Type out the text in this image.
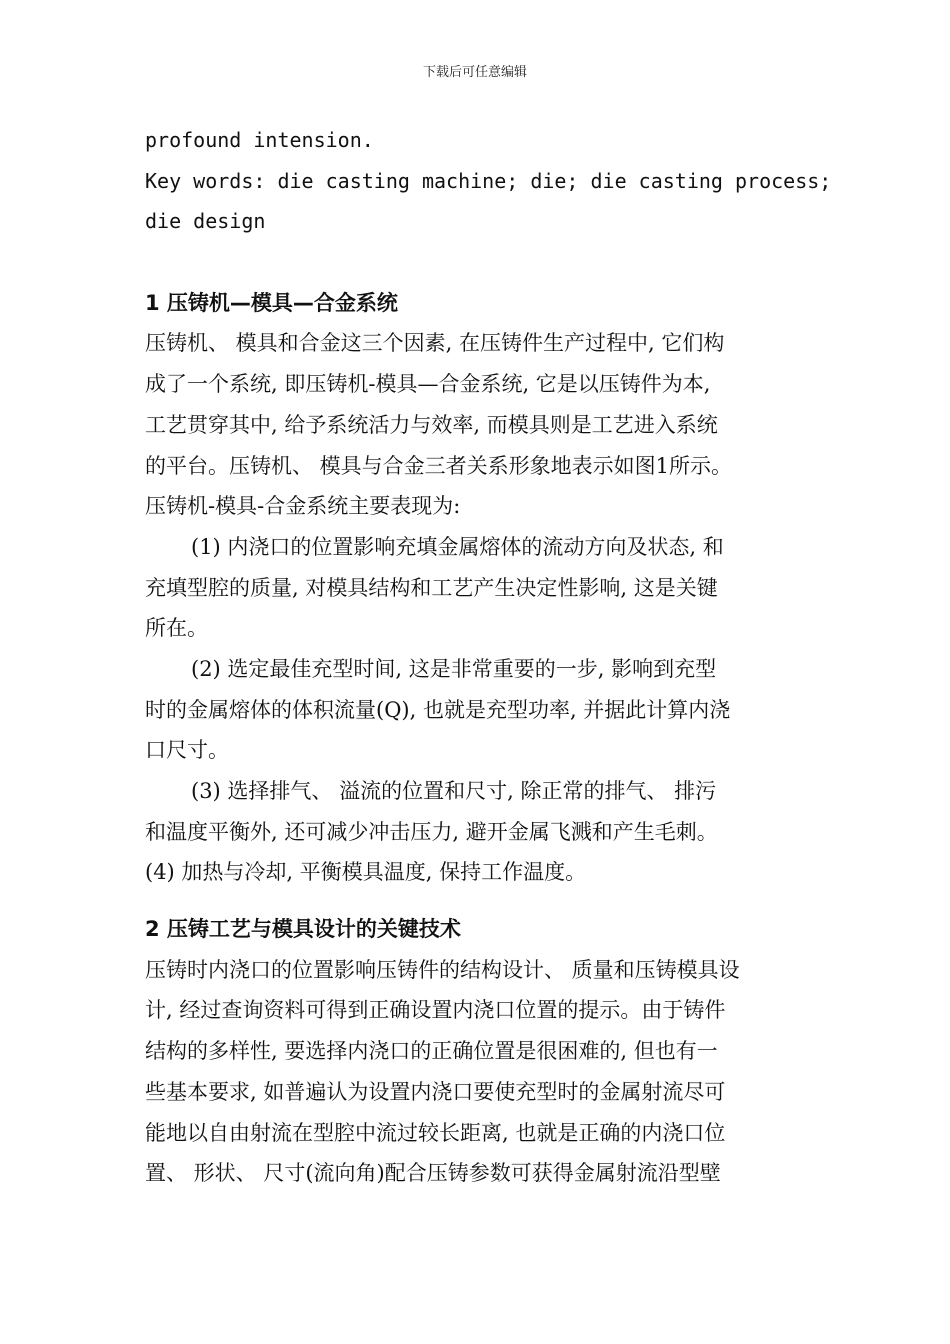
下载后可任意编辑

profound intension.

Key words: die casting machine; die; die casting process;

die design

1 压铸机—模具—合金系统

压铸机、 模具和合金这三个因素, 在压铸件生产过程中, 它们构

成了一个系统, 即压铸机-模具—合金系统, 它是以压铸件为本,

工艺贯穿其中, 给予系统活力与效率, 而模具则是工艺进入系统

的平台。压铸机、 模具与合金三者关系形象地表示如图1所示。

压铸机-模具-合金系统主要表现为:

(1) 内浇口的位置影响充填金属熔体的流动方向及状态, 和

充填型腔的质量, 对模具结构和工艺产生决定性影响, 这是关键

所在。

(2) 选定最佳充型时间, 这是非常重要的一步, 影响到充型

时的金属熔体的体积流量(Q), 也就是充型功率, 并据此计算内浇

口尺寸。

(3) 选择排气、 溢流的位置和尺寸, 除正常的排气、 排污

和温度平衡外, 还可减少冲击压力, 避开金属飞溅和产生毛刺。

(4) 加热与冷却, 平衡模具温度, 保持工作温度。

2 压铸工艺与模具设计的关键技术

压铸时内浇口的位置影响压铸件的结构设计、 质量和压铸模具设

计, 经过查询资料可得到正确设置内浇口位置的提示。由于铸件

结构的多样性, 要选择内浇口的正确位置是很困难的, 但也有一

些基本要求, 如普遍认为设置内浇口要使充型时的金属射流尽可

能地以自由射流在型腔中流过较长距离, 也就是正确的内浇口位

置、 形状、 尺寸(流向角)配合压铸参数可获得金属射流沿型壁
